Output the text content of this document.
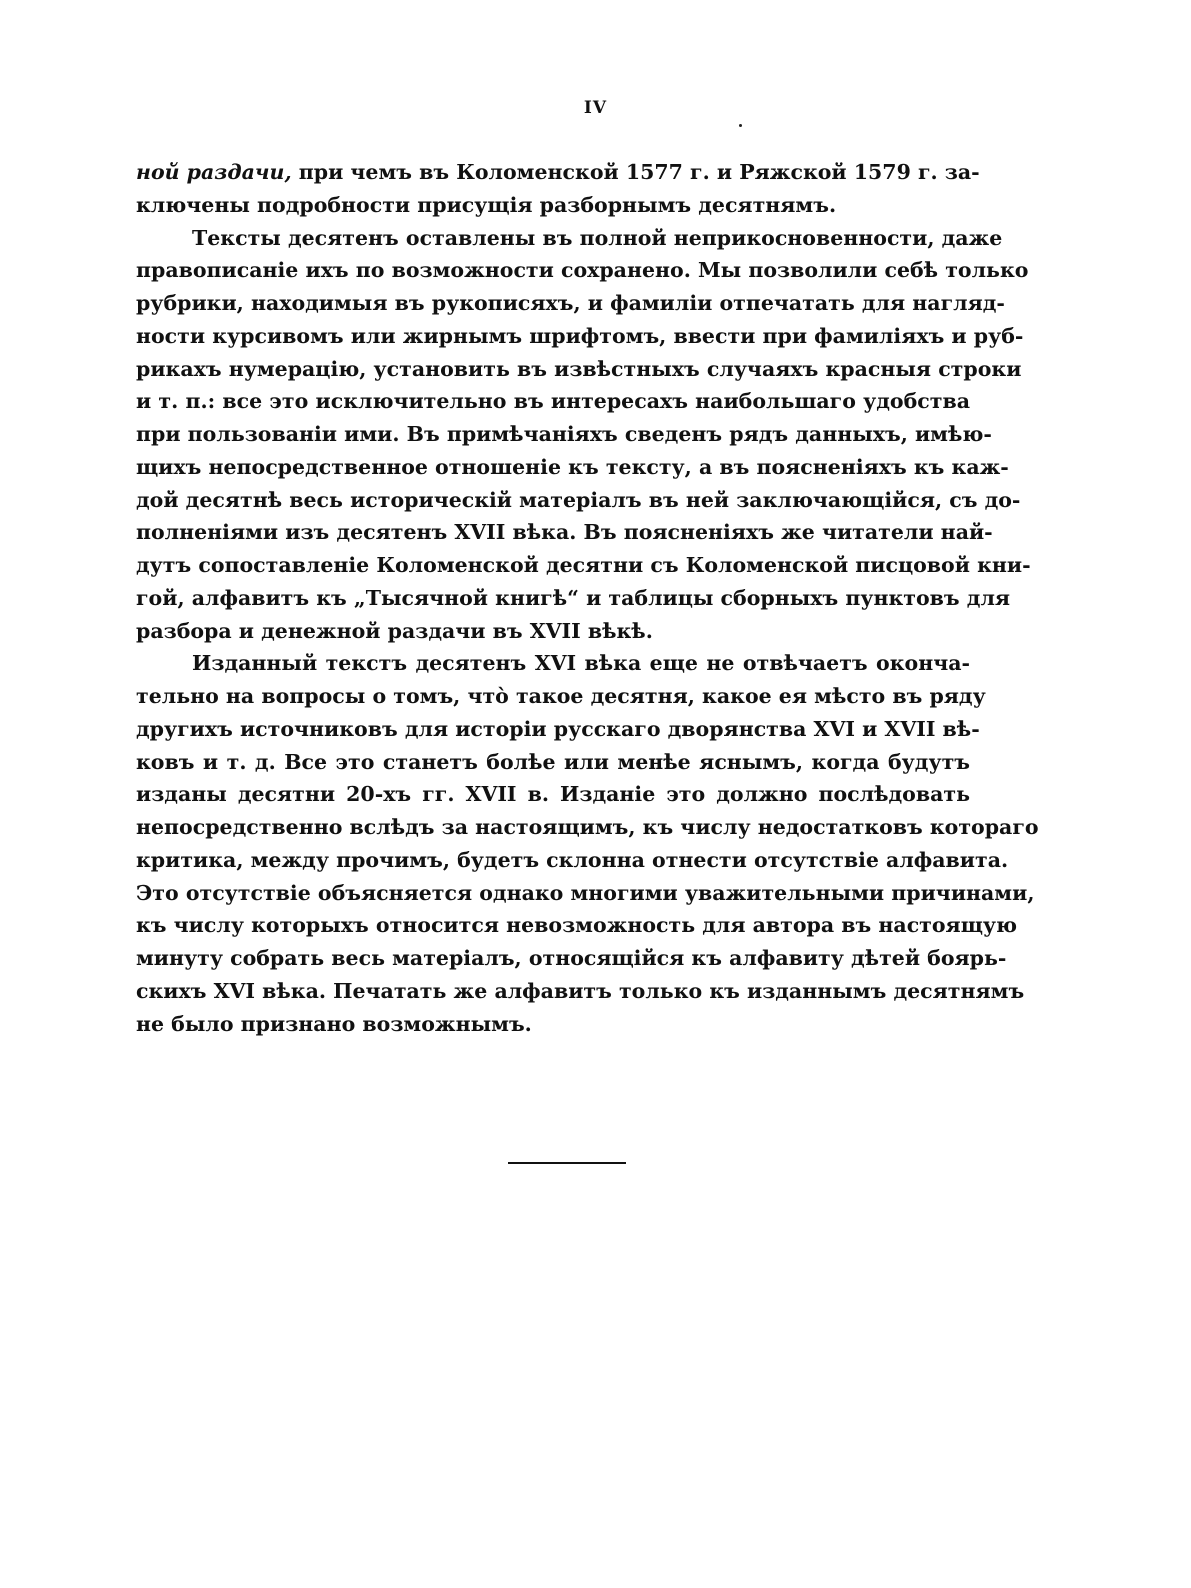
IV
ной раздачи, при чемъ въ Коломенской 1577 г. и Ряжской 1579 г. за-
ключены подробности присущія разборнымъ десятнямъ.
Тексты десятенъ оставлены въ полной неприкосновенности, даже
правописаніе ихъ по возможности сохранено. Мы позволили себѣ только
рубрики, находимыя въ рукописяхъ, и фамиліи отпечатать для нагляд-
ности курсивомъ или жирнымъ шрифтомъ, ввести при фамиліяхъ и руб-
рикахъ нумерацію, установить въ извѣстныхъ случаяхъ красныя строки
и т. п.: все это исключительно въ интересахъ наибольшаго удобства
при пользованіи ими. Въ примѣчаніяхъ сведенъ рядъ данныхъ, имѣю-
щихъ непосредственное отношеніе къ тексту, а въ поясненіяхъ къ каж-
дой десятнѣ весь историческій матеріалъ въ ней заключающійся, съ до-
полненіями изъ десятенъ XVII вѣка. Въ поясненіяхъ же читатели най-
дутъ сопоставленіе Коломенской десятни съ Коломенской писцовой кни-
гой, алфавитъ къ „Тысячной книгѣ“ и таблицы сборныхъ пунктовъ для
разбора и денежной раздачи въ XVII вѣкѣ.
Изданный текстъ десятенъ XVI вѣка еще не отвѣчаетъ оконча-
тельно на вопросы о томъ, что̀ такое десятня, какое ея мѣсто въ ряду
другихъ источниковъ для исторіи русскаго дворянства XVI и XVII вѣ-
ковъ и т. д. Все это станетъ болѣе или менѣе яснымъ, когда будутъ
изданы десятни 20-хъ гг. XVII в. Изданіе это должно послѣдовать
непосредственно вслѣдъ за настоящимъ, къ числу недостатковъ котораго
критика, между прочимъ, будетъ склонна отнести отсутствіе алфавита.
Это отсутствіе объясняется однако многими уважительными причинами,
къ числу которыхъ относится невозможность для автора въ настоящую
минуту собрать весь матеріалъ, относящійся къ алфавиту дѣтей боярь-
скихъ XVI вѣка. Печатать же алфавитъ только къ изданнымъ десятнямъ
не было признано возможнымъ.
